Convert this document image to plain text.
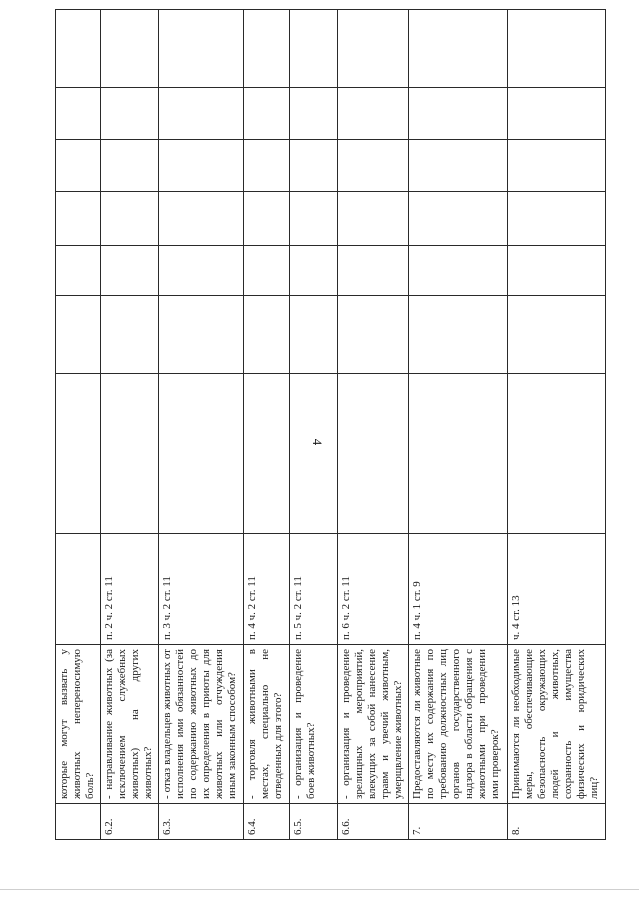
4
	которые могут вызвать у животных непереносимую боль?								
6.2.	- натравливание животных (за исключением служебных животных) на других животных?	п. 2 ч. 2 ст. 11							
6.3.	- отказ владельцев животных от исполнения ими обязанностей по содержанию животных до их определения в приюты для животных или отчуждения иным законным способом?	п. 3 ч. 2 ст. 11							
6.4.	- торговля животными в местах, специально не отведенных для этого?	п. 4 ч. 2 ст. 11							
6.5.	- организация и проведение боев животных?	п. 5 ч. 2 ст. 11							
6.6.	- организация и проведение зрелищных мероприятий, влекущих за собой нанесение травм и увечий животным, умерщвление животных?	п. 6 ч. 2 ст. 11							
7.	Предоставляются ли животные по месту их содержания по требованию должностных лиц органов государственного надзора в области обращения с животными при проведении ими проверок?	п. 4 ч. 1 ст. 9							
8.	Принимаются ли необходимые меры, обеспечивающие безопасность окружающих людей и животных, сохранность имущества физических и юридических лиц?	ч. 4 ст. 13							
